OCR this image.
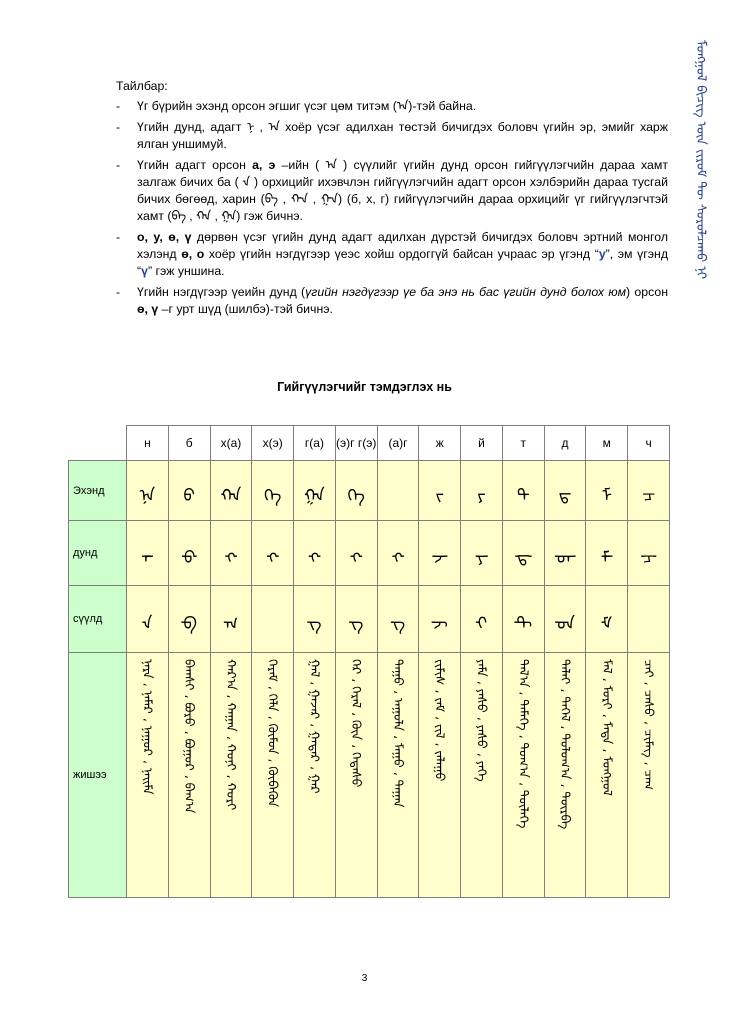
ᠮᠣᠩᠭᠣᠯ ᠪᠢᠴᠢᠭ ᠦᠨ ᠵᠢᠷᠤᠮ ᠲᠦ ᠰᠤᠷᠤᠯᠴᠠᠬᠤ ᠨᠢ
Тайлбар:
- Үг бүрийн эхэнд орсон эгшиг үсэг цөм титэм (ᠠ)-тэй байна.
- Үгийн дунд, адагт ᠨ , ᠠ хоёр үсэг адилхан төстэй бичигдэх боловч үгийн эр, эмийг харж ялган уншимуй.
- Үгийн адагт орсон а, э –ийн ( ᠠ ) сүүлийг үгийн дунд орсон гийгүүлэгчийн дараа хамт залгаж бичих ба ( ᠊ᠠ ) орхицийг ихэвчлэн гийгүүлэгчийн адагт орсон хэлбэрийн дараа тусгай бичих бөгөөд, харин (ᠪ᠊ᠠ , ᠬ᠊ᠠ , ᠭ᠊ᠠ) (б, х, г) гийгүүлэгчийн дараа орхицийг үг гийгүүлэгчтэй хамт (ᠪᠠ , ᠬᠠ , ᠭᠠ) гэж бичнэ.
- о, у, ө, ү дөрвөн үсэг үгийн дунд адагт адилхан дүрстэй бичигдэх боловч эртний монгол хэлэнд ө, о хоёр үгийн нэгдүгээр үеэс хойш ордоггүй байсан учраас эр үгэнд “у”, эм үгэнд “ү” гэж уншина.
- Үгийн нэгдүгээр үеийн дунд (үгийн нэгдүгээр үе ба энэ нь бас үгийн дунд болох юм) орсон ө, ү –г урт шүд (шилбэ)-тэй бичнэ.
Гийгүүлэгчийг тэмдэглэх нь
	н	б	х(а)	х(э)	г(а)	(э)г г(э)	(а)г	ж	й	т	д	м	ч
Эхэнд	ᠨᠠ	ᠪ	ᠬᠠ	ᠬᠡ	ᠭᠠ	ᠭᠡ		ᠵ	ᠶ	ᠲ	ᠳ	ᠮ	ᠴ
дунд	᠊ᠨ᠊	᠊ᠪ᠊	᠊ᠬ᠊	᠊ᠬ᠊	᠊ᠭ᠊	᠊ᠭ᠊	᠊ᠭ᠊	᠊ᠵ᠊	᠊ᠶ᠊	᠊ᠲ᠊	᠊ᠳ᠊	᠊ᠮ᠊	᠊ᠴ᠊
сүүлд	᠊ᠨ	᠊ᠪ	᠊ᠬ		᠊ᠭ	᠊ᠭ	᠊ᠭ	᠊ᠵ	᠊ᠢ	᠊ᠲ	᠊ᠳ	᠊ᠮ	
жишээ	ᠨᠠᠷᠠ ، ᠨᠠᠮᠠᠷ ، ᠨᠠᠭᠤᠷ ، ᠨᠠᠢᠮᠠ	ᠪᠠᠭᠰᠢ ، ᠪᠣᠷᠣ ، ᠪᠣᠭᠤᠷ ، ᠪᠠᠭ᠎ᠠ	ᠬᠠᠷ᠎ᠠ ، ᠬᠠᠭᠠᠨ ، ᠬᠣᠨᠢ ، ᠬᠣᠷᠢ	ᠬᠡᠷᠡᠮ ، ᠬᠡᠯᠡ ، ᠬᠦᠮᠦᠨ ، ᠬᠦᠪᠡᠭᠦᠨ	ᠭᠠᠯ ، ᠭᠠᠵᠠᠷ ، ᠭᠠᠳᠠᠷ ، ᠭᠠᠷ	ᠭᠡᠷ ، ᠭᠡᠷᠡᠯ ، ᠭᠦᠨ ، ᠭᠡᠳᠡᠰᠦ	ᠳᠠᠭᠤ ، ᠠᠭᠤᠯᠠ ، ᠮᠠᠭᠤ ، ᠲᠠᠭᠠᠨ	ᠵᠢᠮᠢᠰ ، ᠵᠠᠮ ، ᠵᠢᠯ ، ᠵᠠᠯᠠᠭᠤ	ᠶᠠᠮᠠ ، ᠶᠠᠰᠤ ، ᠶᠡᠰᠦ ، ᠶᠡᠬᠡ	ᠲᠠᠯ᠎ᠠ ، ᠲᠡᠮᠡᠭᠡ ، ᠲᠣᠭ᠎ᠠ ، ᠲᠦᠯᠡᠭᠡ	ᠳᠠᠯᠠᠢ ، ᠳᠡᠭᠡᠯ ، ᠳᠣᠯᠤᠭ᠎ᠠ ، ᠳᠦᠷᠪᠡ	ᠮᠠᠯ ، ᠮᠣᠷᠢ ، ᠮᠡᠳᠡ ، ᠮᠣᠩᠭᠣᠯ	ᠴᠠᠢ ، ᠴᠠᠰᠤ ، ᠴᠢᠮᠡᠭ ، ᠴᠠᠭ
3
